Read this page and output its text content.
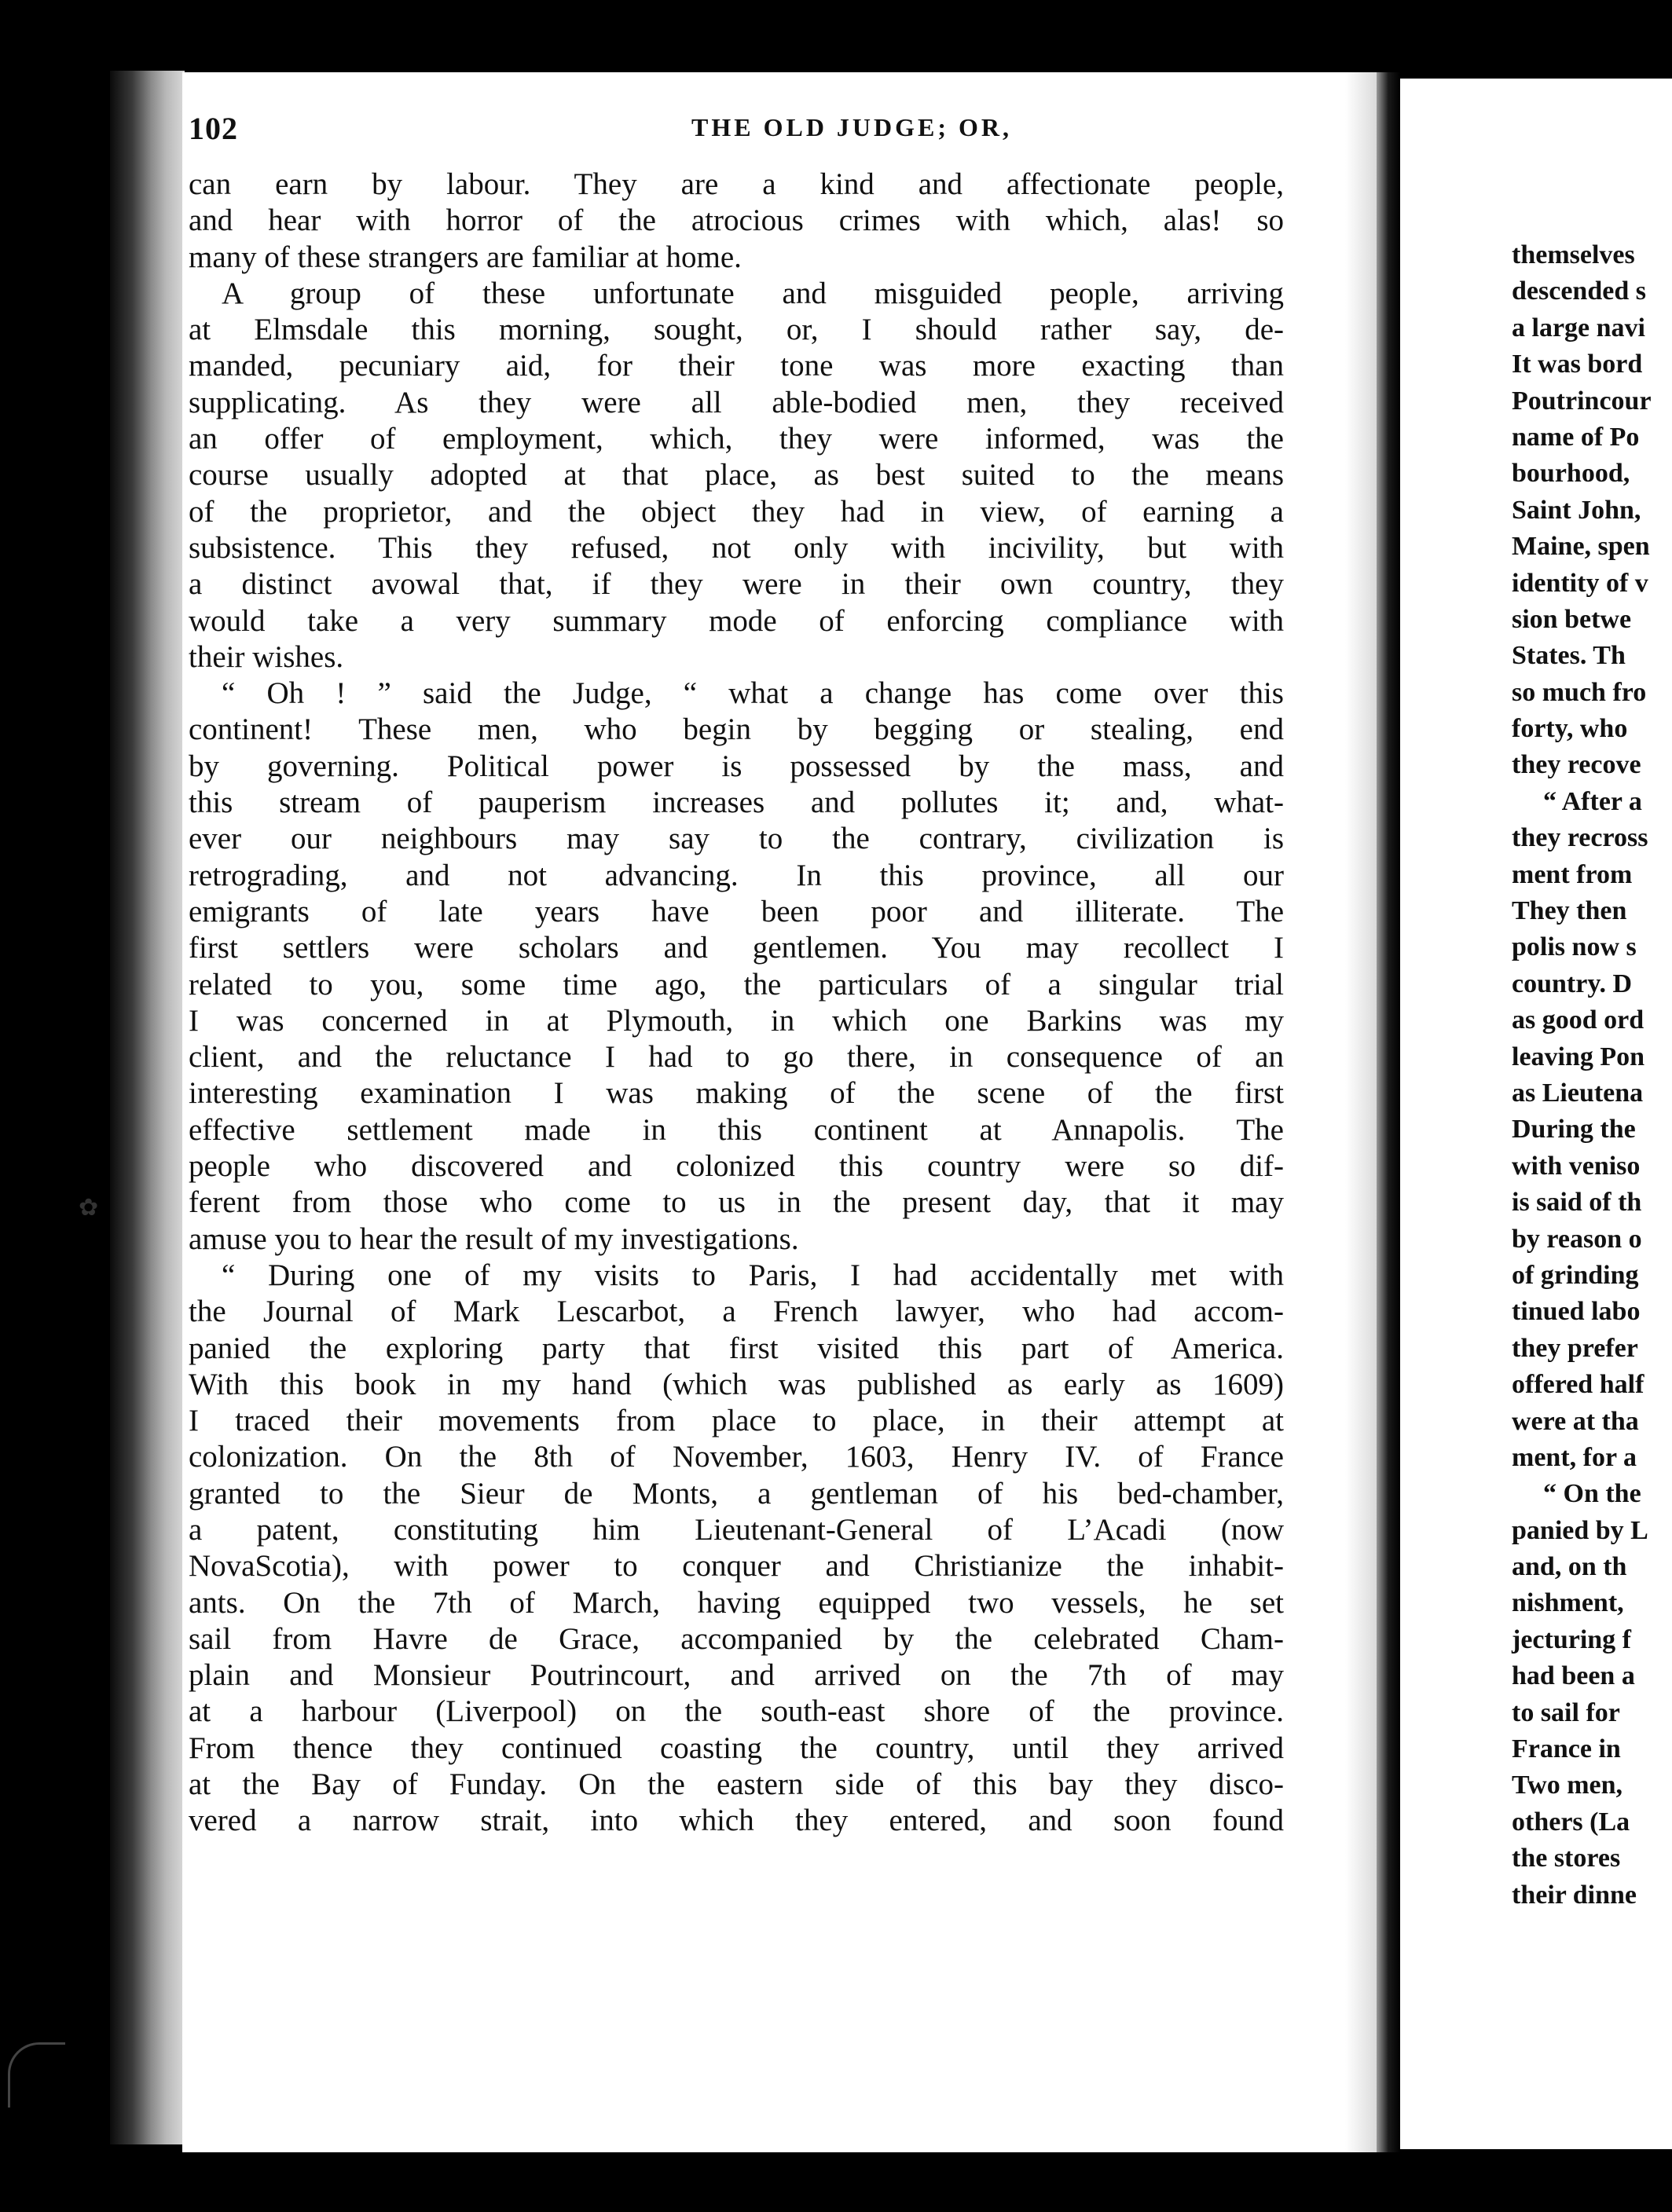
themselves
descended s
a large navi
It was bord
Poutrincour
name of Po
bourhood,
Saint John,
Maine, spen
identity of v
sion betwe
States. Th
so much fro
forty, who
they recove
“ After a
they recross
ment from
They then
polis now s
country. D
as good ord
leaving Pon
as Lieutena
During the
with veniso
is said of th
by reason o
of grinding
tinued labo
they prefer
offered half
were at tha
ment, for a
“ On the
panied by L
and, on th
nishment,
jecturing f
had been a
to sail for
France in
Two men,
others (La
the stores
their dinne
102	THE OLD JUDGE; OR,
can earn by labour. They are a kind and affectionate people,
and hear with horror of the atrocious crimes with which, alas! so
many of these strangers are familiar at home.
A group of these unfortunate and misguided people, arriving
at Elmsdale this morning, sought, or, I should rather say, de-
manded, pecuniary aid, for their tone was more exacting than
supplicating. As they were all able-bodied men, they received
an offer of employment, which, they were informed, was the
course usually adopted at that place, as best suited to the means
of the proprietor, and the object they had in view, of earning a
subsistence. This they refused, not only with incivility, but with
a distinct avowal that, if they were in their own country, they
would take a very summary mode of enforcing compliance with
their wishes.
“ Oh ! ” said the Judge, “ what a change has come over this
continent! These men, who begin by begging or stealing, end
by governing. Political power is possessed by the mass, and
this stream of pauperism increases and pollutes it; and, what-
ever our neighbours may say to the contrary, civilization is
retrograding, and not advancing. In this province, all our
emigrants of late years have been poor and illiterate. The
first settlers were scholars and gentlemen. You may recollect I
related to you, some time ago, the particulars of a singular trial
I was concerned in at Plymouth, in which one Barkins was my
client, and the reluctance I had to go there, in consequence of an
interesting examination I was making of the scene of the first
effective settlement made in this continent at Annapolis. The
people who discovered and colonized this country were so dif-
ferent from those who come to us in the present day, that it may
amuse you to hear the result of my investigations.
“ During one of my visits to Paris, I had accidentally met with
the Journal of Mark Lescarbot, a French lawyer, who had accom-
panied the exploring party that first visited this part of America.
With this book in my hand (which was published as early as 1609)
I traced their movements from place to place, in their attempt at
colonization. On the 8th of November, 1603, Henry IV. of France
granted to the Sieur de Monts, a gentleman of his bed-chamber,
a patent, constituting him Lieutenant-General of L’Acadi (now
NovaScotia), with power to conquer and Christianize the inhabit-
ants. On the 7th of March, having equipped two vessels, he set
sail from Havre de Grace, accompanied by the celebrated Cham-
plain and Monsieur Poutrincourt, and arrived on the 7th of may
at a harbour (Liverpool) on the south-east shore of the province.
From thence they continued coasting the country, until they arrived
at the Bay of Funday. On the eastern side of this bay they disco-
vered a narrow strait, into which they entered, and soon found
✿
